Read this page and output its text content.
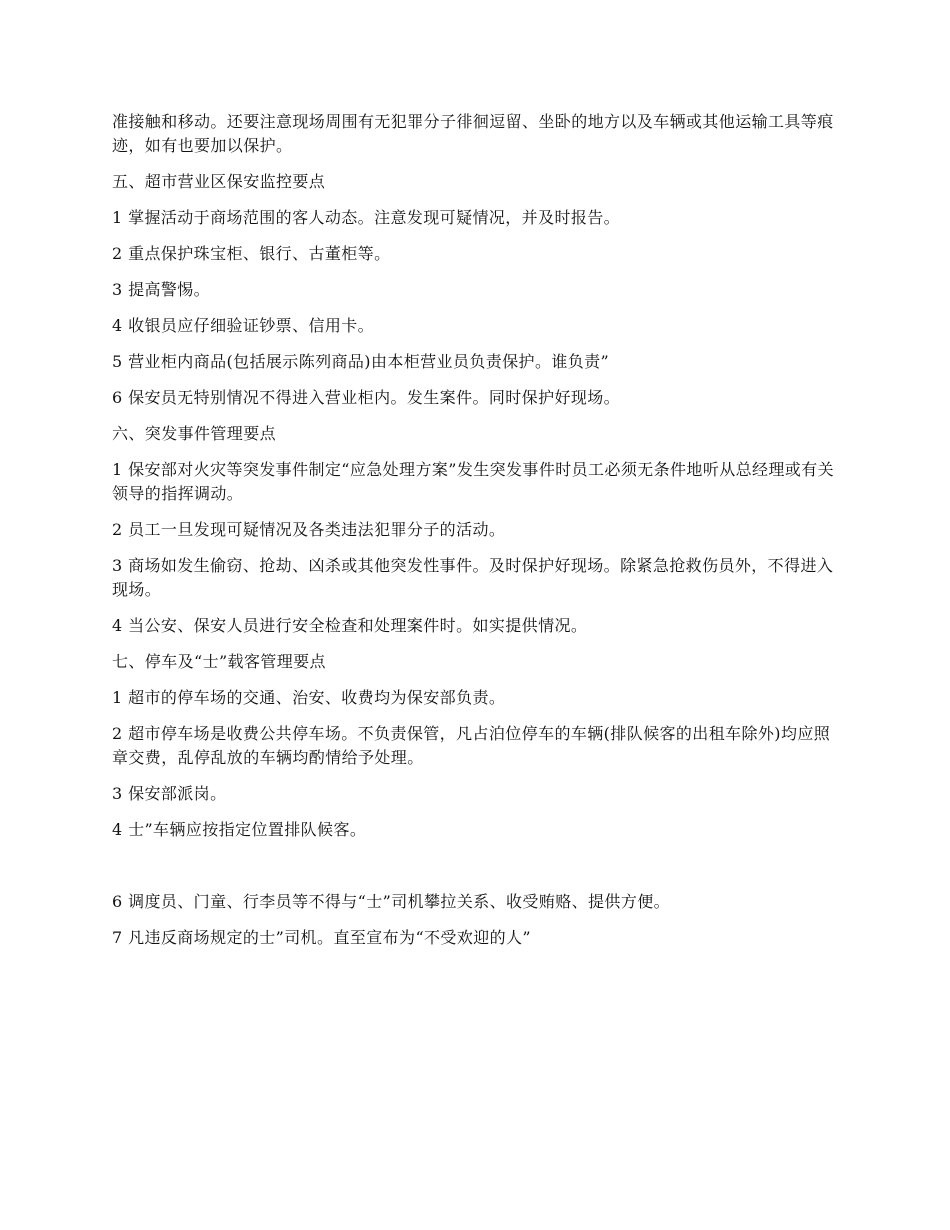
准接触和移动。还要注意现场周围有无犯罪分子徘徊逗留、坐卧的地方以及车辆或其他运输工具等痕迹，如有也要加以保护。

五、超市营业区保安监控要点

1 掌握活动于商场范围的客人动态。注意发现可疑情况，并及时报告。

2 重点保护珠宝柜、银行、古董柜等。

3 提高警惕。

4 收银员应仔细验证钞票、信用卡。

5 营业柜内商品(包括展示陈列商品)由本柜营业员负责保护。谁负责”

6 保安员无特别情况不得进入营业柜内。发生案件。同时保护好现场。

六、突发事件管理要点

1 保安部对火灾等突发事件制定“应急处理方案”发生突发事件时员工必须无条件地听从总经理或有关领导的指挥调动。

2 员工一旦发现可疑情况及各类违法犯罪分子的活动。

3 商场如发生偷窃、抢劫、凶杀或其他突发性事件。及时保护好现场。除紧急抢救伤员外，不得进入现场。

4 当公安、保安人员进行安全检查和处理案件时。如实提供情况。

七、停车及“士”载客管理要点

1 超市的停车场的交通、治安、收费均为保安部负责。

2 超市停车场是收费公共停车场。不负责保管，凡占泊位停车的车辆(排队候客的出租车除外)均应照章交费，乱停乱放的车辆均酌情给予处理。

3 保安部派岗。

4 士”车辆应按指定位置排队候客。

6 调度员、门童、行李员等不得与“士”司机攀拉关系、收受贿赂、提供方便。

7 凡违反商场规定的士”司机。直至宣布为“不受欢迎的人”
